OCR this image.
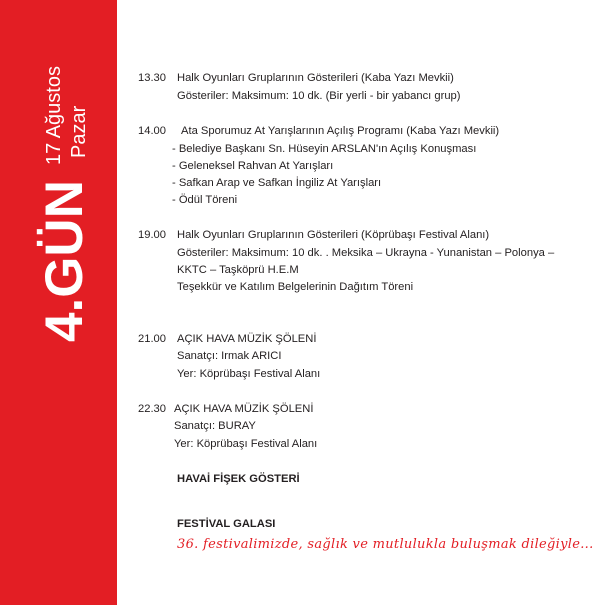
4.GÜN
17 Ağustos Pazar
13.30 Halk Oyunları Gruplarının Gösterileri (Kaba Yazı Mevkii)
Gösteriler: Maksimum: 10 dk. (Bir yerli - bir yabancı grup)
14.00 Ata Sporumuz At Yarışlarının Açılış Programı (Kaba Yazı Mevkii)
- Belediye Başkanı Sn. Hüseyin ARSLAN'ın Açılış Konuşması
- Geleneksel Rahvan At Yarışları
- Safkan Arap ve Safkan İngiliz At Yarışları
- Ödül Töreni
19.00 Halk Oyunları Gruplarının Gösterileri (Köprübaşı Festival Alanı)
Gösteriler: Maksimum: 10 dk. . Meksika – Ukrayna - Yunanistan – Polonya –
KKTC – Taşköprü H.E.M
Teşekkür ve Katılım Belgelerinin Dağıtım Töreni
21.00 AÇIK HAVA MÜZİK ŞÖLENİ
Sanatçı: Irmak ARICI
Yer: Köprübaşı Festival Alanı
22.30 AÇIK HAVA MÜZİK ŞÖLENİ
Sanatçı: BURAY
Yer: Köprübaşı Festival Alanı
HAVAİ FİŞEK GÖSTERİ
FESTİVAL GALASI
36. festivalimizde, sağlık ve mutlulukla buluşmak dileğiyle...
